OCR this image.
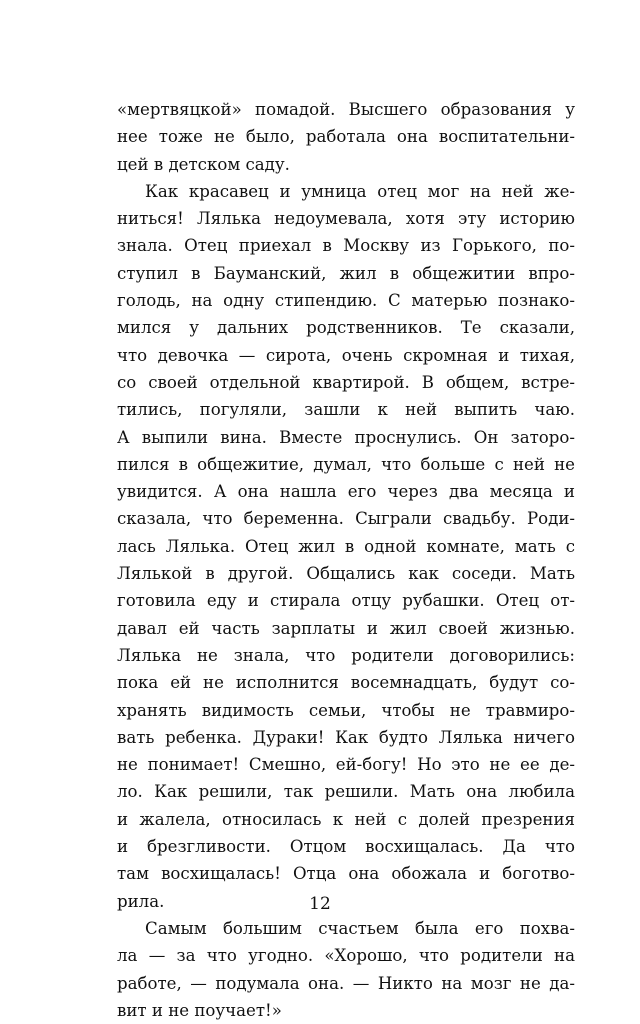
«мертвяцкой» помадой. Высшего образования у
нее тоже не было, работала она воспитательни-
цей в детском саду.
Как красавец и умница отец мог на ней же-
ниться! Лялька недоумевала, хотя эту историю
знала. Отец приехал в Москву из Горького, по-
ступил в Бауманский, жил в общежитии впро-
голодь, на одну стипендию. С матерью познако-
мился у дальних родственников. Те сказали,
что девочка — сирота, очень скромная и тихая,
со своей отдельной квартирой. В общем, встре-
тились, погуляли, зашли к ней выпить чаю.
А выпили вина. Вместе проснулись. Он заторо-
пился в общежитие, думал, что больше с ней не
увидится. А она нашла его через два месяца и
сказала, что беременна. Сыграли свадьбу. Роди-
лась Лялька. Отец жил в одной комнате, мать с
Лялькой в другой. Общались как соседи. Мать
готовила еду и стирала отцу рубашки. Отец от-
давал ей часть зарплаты и жил своей жизнью.
Лялька не знала, что родители договорились:
пока ей не исполнится восемнадцать, будут со-
хранять видимость семьи, чтобы не травмиро-
вать ребенка. Дураки! Как будто Лялька ничего
не понимает! Смешно, ей-богу! Но это не ее де-
ло. Как решили, так решили. Мать она любила
и жалела, относилась к ней с долей презрения
и брезгливости. Отцом восхищалась. Да что
там восхищалась! Отца она обожала и боготво-
рила.
Самым большим счастьем была его похва-
ла — за что угодно. «Хорошо, что родители на
работе, — подумала она. — Никто на мозг не да-
вит и не поучает!»
12
